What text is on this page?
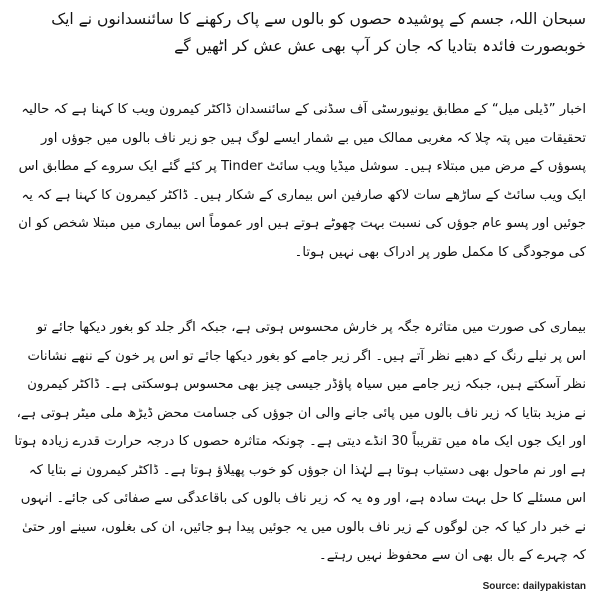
سبحان اللہ، جسم کے پوشیدہ حصوں کو بالوں سے پاک رکھنے کا سائنسدانوں نے ایک خوبصورت فائدہ بتادیا کہ جان کر آپ بھی عش عش کر اٹھیں گے

اخبار ”ڈیلی میل“ کے مطابق یونیورسٹی آف سڈنی کے سائنسدان ڈاکٹر کیمرون ویب کا کہنا ہے کہ حالیہ تحقیقات میں پتہ چلا کہ مغربی ممالک میں بے شمار ایسے لوگ ہیں جو زیر ناف بالوں میں جوﺅں اور پسوﺅں کے مرض میں مبتلاء ہیں۔ سوشل میڈیا ویب سائٹ Tinder پر کئے گئے ایک سروے کے مطابق اس ایک ویب سائٹ کے ساڑھے سات لاکھ صارفین اس بیماری کے شکار ہیں۔ ڈاکٹر کیمرون کا کہنا ہے کہ یہ جوئیں اور پسو عام جوﺅں کی نسبت بہت چھوٹے ہوتے ہیں اور عموماً اس بیماری میں مبتلا شخص کو ان کی موجودگی کا مکمل طور پر ادراک بھی نہیں ہوتا۔

بیماری کی صورت میں متاثرہ جگہ پر خارش محسوس ہوتی ہے، جبکہ اگر جلد کو بغور دیکھا جائے تو اس پر نیلے رنگ کے دھبے نظر آتے ہیں۔ اگر زیر جامے کو بغور دیکھا جائے تو اس پر خون کے ننھے نشانات نظر آسکتے ہیں، جبکہ زیر جامے میں سیاہ پاﺅڈر جیسی چیز بھی محسوس ہوسکتی ہے۔ ڈاکٹر کیمرون نے مزید بتایا کہ زیر ناف بالوں میں پائی جانے والی ان جوﺅں کی جسامت محض ڈیڑھ ملی میٹر ہوتی ہے، اور ایک جوں ایک ماہ میں تقریباً 30 انڈے دیتی ہے۔ چونکہ متاثرہ حصوں کا درجہ حرارت قدرے زیادہ ہوتا ہے اور نم ماحول بھی دستیاب ہوتا ہے لہٰذا ان جوﺅں کو خوب پھیلاﺅ ہوتا ہے۔ ڈاکٹر کیمرون نے بتایا کہ اس مسئلے کا حل بہت سادہ ہے، اور وہ یہ کہ زیر ناف بالوں کی باقاعدگی سے صفائی کی جائے۔ انہوں نے خبر دار کیا کہ جن لوگوں کے زیر ناف بالوں میں یہ جوئیں پیدا ہو جائیں، ان کی بغلوں، سینے اور حتیٰ کہ چہرے کے بال بھی ان سے محفوظ نہیں رہتے۔

Source: dailypakistan
